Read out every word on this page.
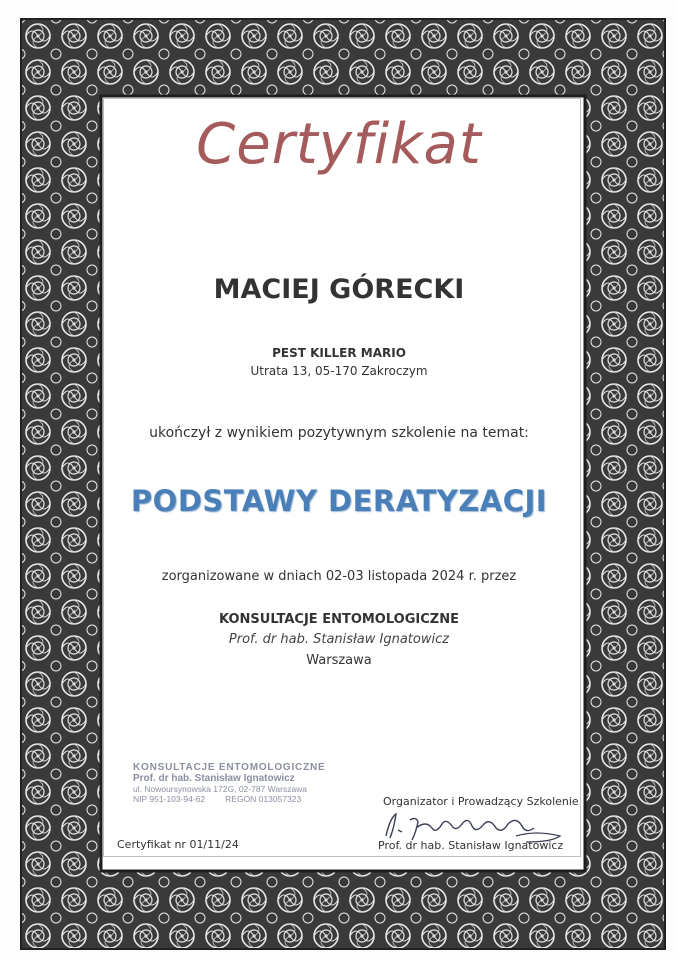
Certyfikat
MACIEJ GÓRECKI
PEST KILLER MARIO
Utrata 13, 05-170 Zakroczym
ukończył z wynikiem pozytywnym szkolenie na temat:
PODSTAWY DERATYZACJI
zorganizowane w dniach 02-03 listopada 2024 r. przez
KONSULTACJE ENTOMOLOGICZNE
Prof. dr hab. Stanisław Ignatowicz
Warszawa
KONSULTACJE ENTOMOLOGICZNE
Prof. dr hab. Stanisław Ignatowicz
ul. Nowoursynowska 172G, 02-787 Warszawa
NIP 951-103-94-62 REGON 013057323
Certyfikat nr 01/11/24
Organizator i Prowadzący Szkolenie
Prof. dr hab. Stanisław Ignatowicz
